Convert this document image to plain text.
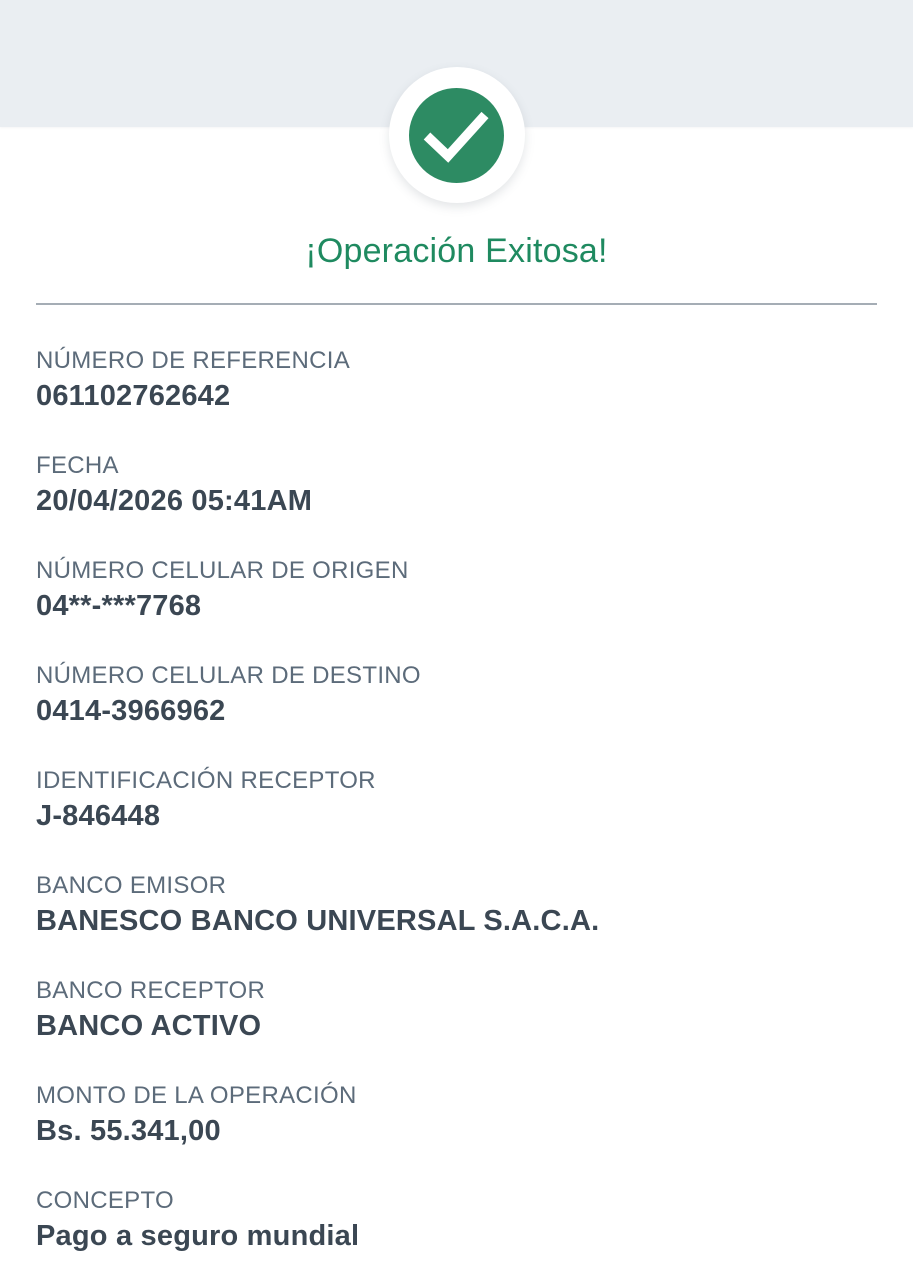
¡Operación Exitosa!
NÚMERO DE REFERENCIA
061102762642
FECHA
20/04/2026 05:41AM
NÚMERO CELULAR DE ORIGEN
04**-***7768
NÚMERO CELULAR DE DESTINO
0414-3966962
IDENTIFICACIÓN RECEPTOR
J-846448
BANCO EMISOR
BANESCO BANCO UNIVERSAL S.A.C.A.
BANCO RECEPTOR
BANCO ACTIVO
MONTO DE LA OPERACIÓN
Bs. 55.341,00
CONCEPTO
Pago a seguro mundial
